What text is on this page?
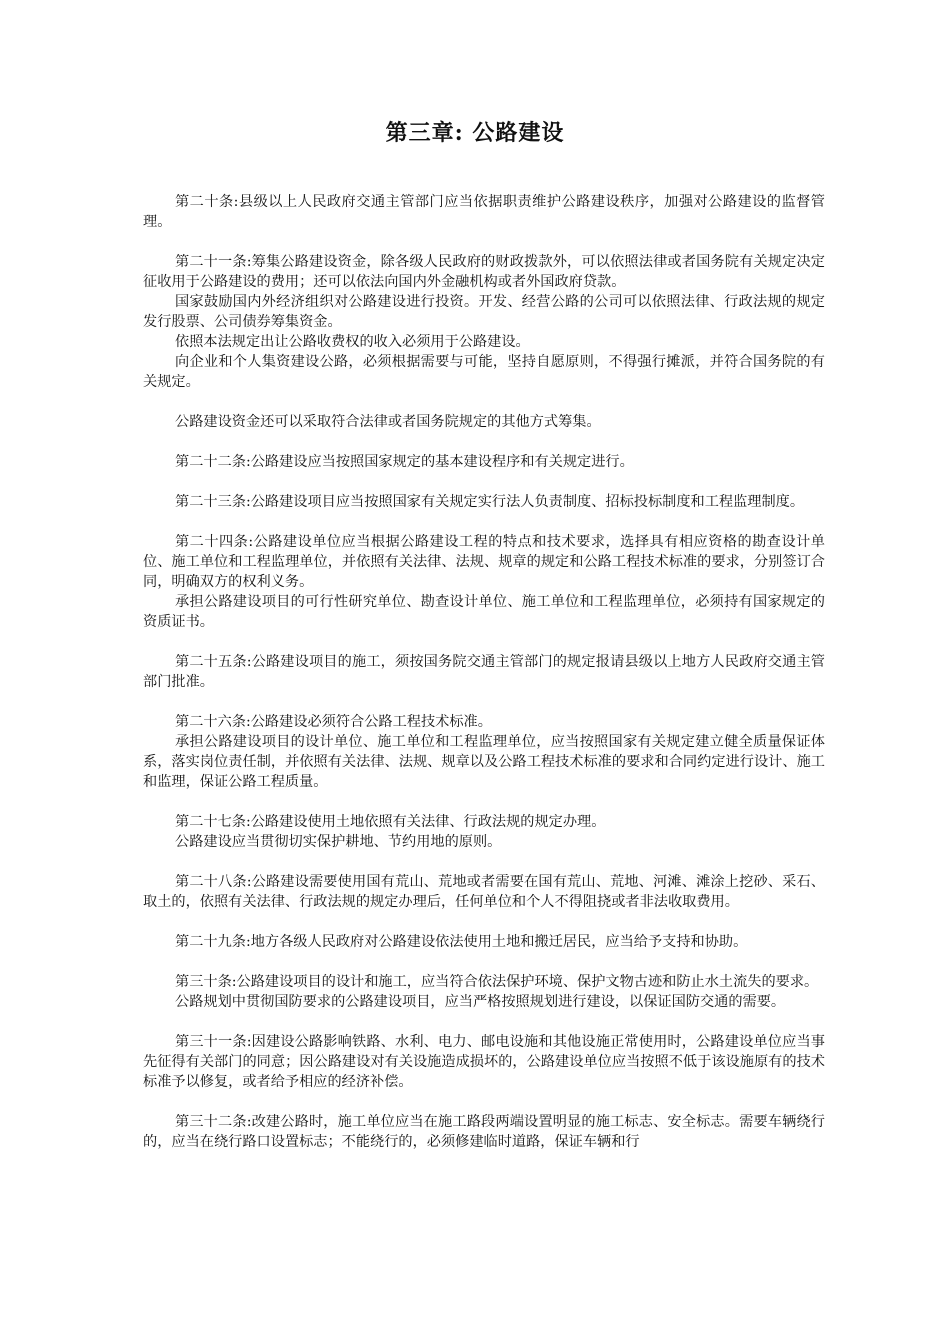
第三章: 公路建设

第二十条:县级以上人民政府交通主管部门应当依据职责维护公路建设秩序，加强对公路建设的监督管理。

第二十一条:筹集公路建设资金，除各级人民政府的财政拨款外，可以依照法律或者国务院有关规定决定征收用于公路建设的费用；还可以依法向国内外金融机构或者外国政府贷款。

国家鼓励国内外经济组织对公路建设进行投资。开发、经营公路的公司可以依照法律、行政法规的规定发行股票、公司债券筹集资金。

依照本法规定出让公路收费权的收入必须用于公路建设。

向企业和个人集资建设公路，必须根据需要与可能，坚持自愿原则，不得强行摊派，并符合国务院的有关规定。

公路建设资金还可以采取符合法律或者国务院规定的其他方式筹集。

第二十二条:公路建设应当按照国家规定的基本建设程序和有关规定进行。

第二十三条:公路建设项目应当按照国家有关规定实行法人负责制度、招标投标制度和工程监理制度。

第二十四条:公路建设单位应当根据公路建设工程的特点和技术要求，选择具有相应资格的勘查设计单位、施工单位和工程监理单位，并依照有关法律、法规、规章的规定和公路工程技术标准的要求，分别签订合同，明确双方的权利义务。

承担公路建设项目的可行性研究单位、勘查设计单位、施工单位和工程监理单位，必须持有国家规定的资质证书。

第二十五条:公路建设项目的施工，须按国务院交通主管部门的规定报请县级以上地方人民政府交通主管部门批准。

第二十六条:公路建设必须符合公路工程技术标准。

承担公路建设项目的设计单位、施工单位和工程监理单位，应当按照国家有关规定建立健全质量保证体系，落实岗位责任制，并依照有关法律、法规、规章以及公路工程技术标准的要求和合同约定进行设计、施工和监理，保证公路工程质量。

第二十七条:公路建设使用土地依照有关法律、行政法规的规定办理。

公路建设应当贯彻切实保护耕地、节约用地的原则。

第二十八条:公路建设需要使用国有荒山、荒地或者需要在国有荒山、荒地、河滩、滩涂上挖砂、采石、取土的，依照有关法律、行政法规的规定办理后，任何单位和个人不得阻挠或者非法收取费用。

第二十九条:地方各级人民政府对公路建设依法使用土地和搬迁居民，应当给予支持和协助。

第三十条:公路建设项目的设计和施工，应当符合依法保护环境、保护文物古迹和防止水土流失的要求。

公路规划中贯彻国防要求的公路建设项目，应当严格按照规划进行建设，以保证国防交通的需要。

第三十一条:因建设公路影响铁路、水利、电力、邮电设施和其他设施正常使用时，公路建设单位应当事先征得有关部门的同意；因公路建设对有关设施造成损坏的，公路建设单位应当按照不低于该设施原有的技术标准予以修复，或者给予相应的经济补偿。

第三十二条:改建公路时，施工单位应当在施工路段两端设置明显的施工标志、安全标志。需要车辆绕行的，应当在绕行路口设置标志；不能绕行的，必须修建临时道路，保证车辆和行
